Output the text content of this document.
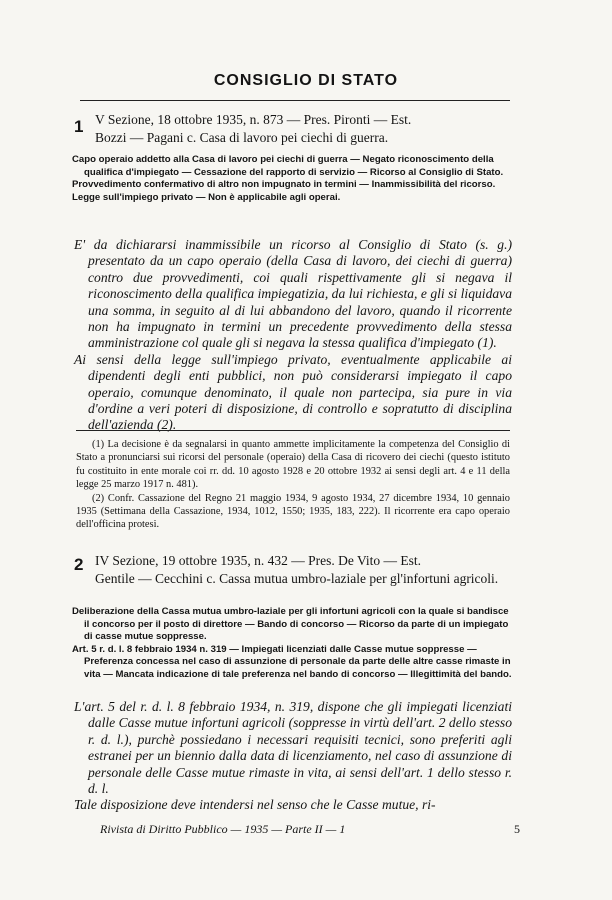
CONSIGLIO DI STATO
1 V Sezione, 18 ottobre 1935, n. 873 — Pres. Pironti — Est.
Bozzi — Pagani c. Casa di lavoro pei ciechi di guerra.

Capo operaio addetto alla Casa di lavoro pei ciechi di guerra — Negato riconoscimento della qualifica d'impiegato — Cessazione del rapporto di servizio — Ricorso al Consiglio di Stato.

Provvedimento confermativo di altro non impugnato in termini — Inammissibilità del ricorso.

Legge sull'impiego privato — Non è applicabile agli operai.

E' da dichiararsi inammissibile un ricorso al Consiglio di Stato (s. g.) presentato da un capo operaio (della Casa di lavoro, dei ciechi di guerra) contro due provvedimenti, coi quali rispettivamente gli si negava il riconoscimento della qualifica impiegatizia, da lui richiesta, e gli si liquidava una somma, in seguito al di lui abbandono del lavoro, quando il ricorrente non ha impugnato in termini un precedente provvedimento della stessa amministrazione col quale gli si negava la stessa qualifica d'impiegato (1).

Ai sensi della legge sull'impiego privato, eventualmente applicabile ai dipendenti degli enti pubblici, non può considerarsi impiegato il capo operaio, comunque denominato, il quale non partecipa, sia pure in via d'ordine a veri poteri di disposizione, di controllo e sopratutto di disciplina dell'azienda (2).

(1) La decisione è da segnalarsi in quanto ammette implicitamente la competenza del Consiglio di Stato a pronunciarsi sui ricorsi del personale (operaio) della Casa di ricovero dei ciechi (questo istituto fu costituito in ente morale coi rr. dd. 10 agosto 1928 e 20 ottobre 1932 ai sensi degli art. 4 e 11 della legge 25 marzo 1917 n. 481).

(2) Confr. Cassazione del Regno 21 maggio 1934, 9 agosto 1934, 27 dicembre 1934, 10 gennaio 1935 (Settimana della Cassazione, 1934, 1012, 1550; 1935, 183, 222). Il ricorrente era capo operaio dell'officina protesi.

2 IV Sezione, 19 ottobre 1935, n. 432 — Pres. De Vito — Est.
Gentile — Cecchini c. Cassa mutua umbro-laziale per gl'infortuni agricoli.

Deliberazione della Cassa mutua umbro-laziale per gli infortuni agricoli con la quale si bandisce il concorso per il posto di direttore — Bando di concorso — Ricorso da parte di un impiegato di casse mutue soppresse.

Art. 5 r. d. l. 8 febbraio 1934 n. 319 — Impiegati licenziati dalle Casse mutue soppresse — Preferenza concessa nel caso di assunzione di personale da parte delle altre casse rimaste in vita — Mancata indicazione di tale preferenza nel bando di concorso — Illegittimità del bando.

L'art. 5 del r. d. l. 8 febbraio 1934, n. 319, dispone che gli impiegati licenziati dalle Casse mutue infortuni agricoli (soppresse in virtù dell'art. 2 dello stesso r. d. l.), purchè possiedano i necessari requisiti tecnici, sono preferiti agli estranei per un biennio dalla data di licenziamento, nel caso di assunzione di personale delle Casse mutue rimaste in vita, ai sensi dell'art. 1 dello stesso r. d. l.

Tale disposizione deve intendersi nel senso che le Casse mutue, ri-

Rivista di Diritto Pubblico — 1935 — Parte II — 1	5
